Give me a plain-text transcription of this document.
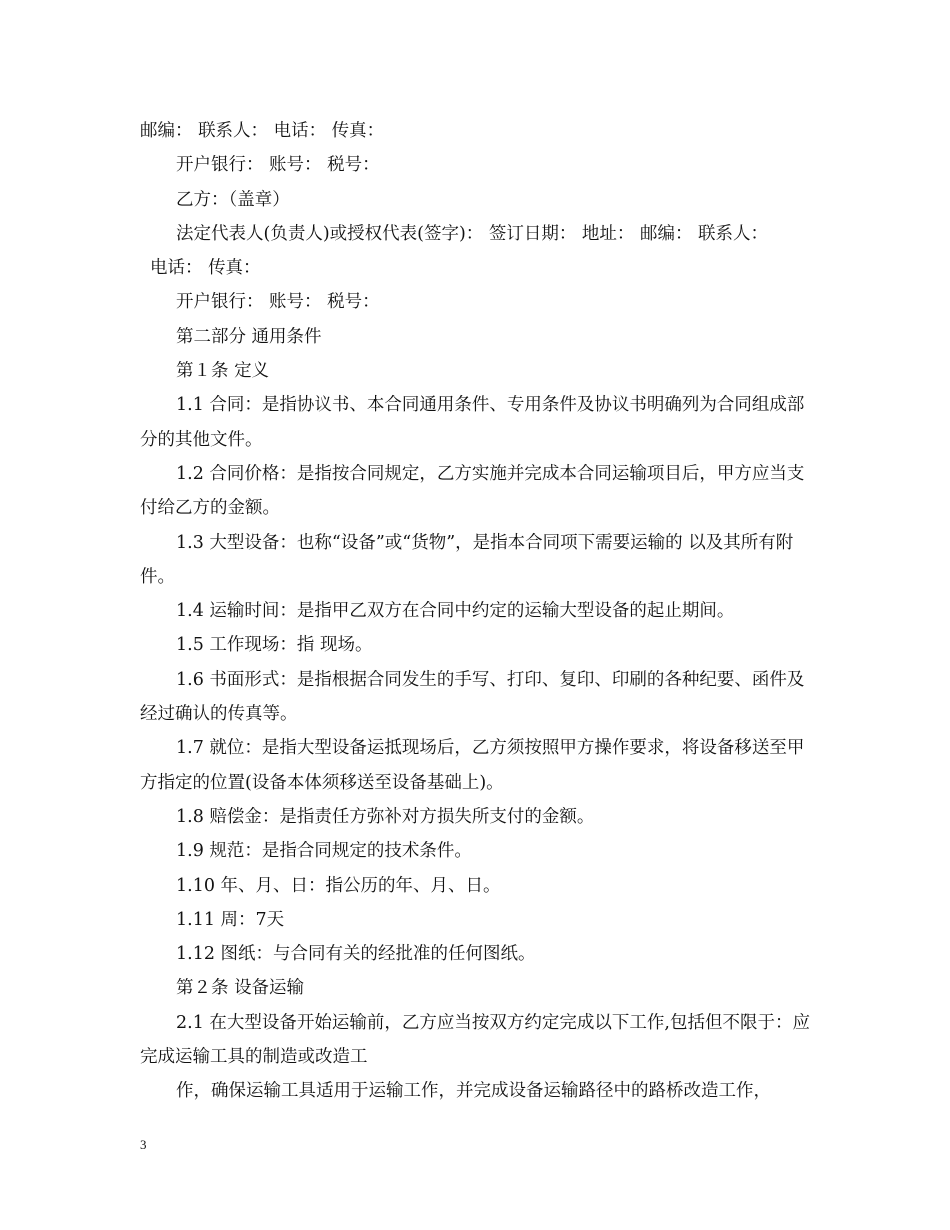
邮编： 联系人： 电话： 传真：

开户银行： 账号： 税号：

乙方：（盖章）

法定代表人(负责人)或授权代表(签字)： 签订日期： 地址： 邮编： 联系人：

电话： 传真：

开户银行： 账号： 税号：

第二部分 通用条件

第１条 定义

1.1 合同：是指协议书、本合同通用条件、专用条件及协议书明确列为合同组成部分的其他文件。

1.2 合同价格：是指按合同规定，乙方实施并完成本合同运输项目后，甲方应当支付给乙方的金额。

1.3 大型设备：也称“设备”或“货物”，是指本合同项下需要运输的 以及其所有附件。

1.4 运输时间：是指甲乙双方在合同中约定的运输大型设备的起止期间。

1.5 工作现场：指 现场。

1.6 书面形式：是指根据合同发生的手写、打印、复印、印刷的各种纪要、函件及经过确认的传真等。

1.7 就位：是指大型设备运抵现场后，乙方须按照甲方操作要求，将设备移送至甲方指定的位置(设备本体须移送至设备基础上)。

1.8 赔偿金：是指责任方弥补对方损失所支付的金额。

1.9 规范：是指合同规定的技术条件。

1.10 年、月、日：指公历的年、月、日。

1.11 周：7天

1.12 图纸：与合同有关的经批准的任何图纸。

第２条 设备运输

2.1 在大型设备开始运输前，乙方应当按双方约定完成以下工作,包括但不限于：应完成运输工具的制造或改造工

作，确保运输工具适用于运输工作，并完成设备运输路径中的路桥改造工作，

3
